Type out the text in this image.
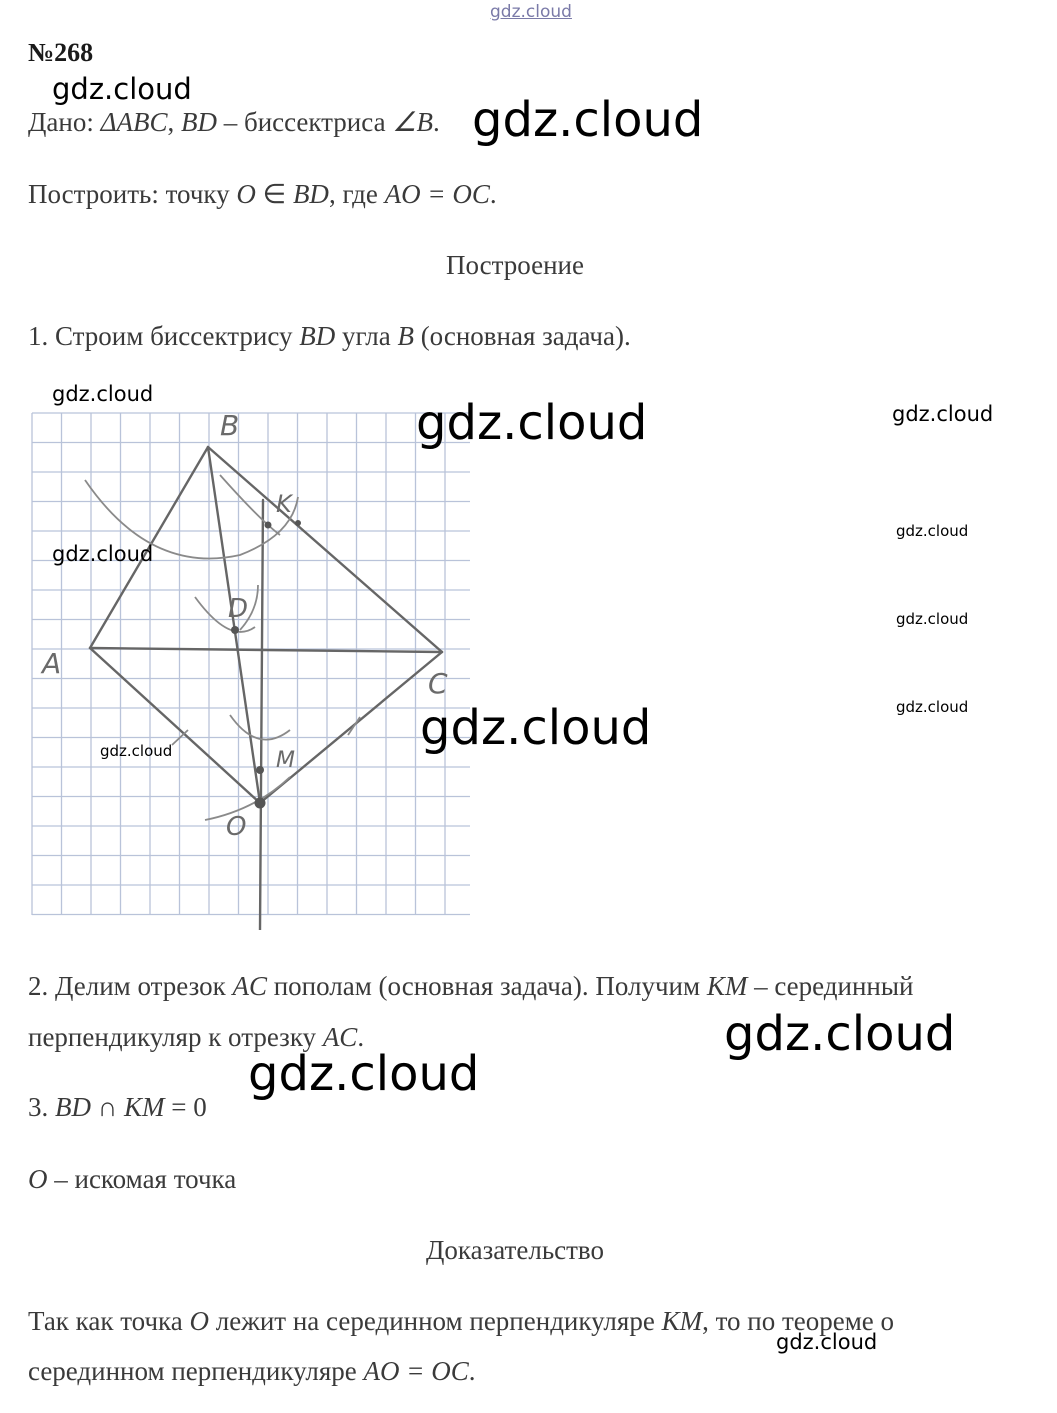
gdz.cloud
№268
Дано: ΔABC, BD – биссектриса ∠B.
Построить: точку O ∈ BD, где AO = OC.
Построение
1. Строим биссектрису BD угла B (основная задача).
B
K
D
A
C
M
O
2. Делим отрезок AC пополам (основная задача). Получим KM – серединный
перпендикуляр к отрезку AC.
3. BD ∩ KM = 0
O – искомая точка
Доказательство
Так как точка O лежит на серединном перпендикуляре KM, то по теореме о
серединном перпендикуляре AO = OC.
gdz.cloud
gdz.cloud
gdz.cloud
gdz.cloud	gdz.cloud
gdz.cloud
gdz.cloud
gdz.cloud
gdz.cloud
gdz.cloud
gdz.cloud
gdz.cloud
gdz.cloud
gdz.cloud
